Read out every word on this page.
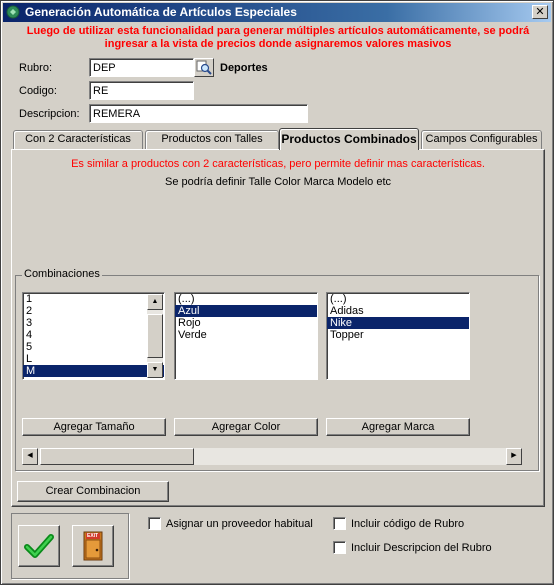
Generación Automática de Artículos Especiales	✕
Luego de utilizar esta funcionalidad para generar múltiples artículos automáticamente, se podrá
ingresar a la vista de precios donde asignaremos valores masivos
Rubro:
DEP	Deportes
Codigo:
RE
Descripcion:
REMERA
Con 2 Características	Productos con Talles	Productos Combinados Campos Configurables
Es similar a productos con 2 características, pero permite definir mas características.
Se podría definir Talle Color Marca Modelo etc
Combinaciones
1
2
3
4
5
L
M
▲
▼
(...)
Azul
Rojo
Verde
(...)
Adidas
Nike
Topper
Agregar Tamaño	Agregar Color	Agregar Marca
◀	▶
Crear Combinacion
EXIT
Asignar un proveedor habitual	Incluir código de Rubro
Incluir Descripcion del Rubro
